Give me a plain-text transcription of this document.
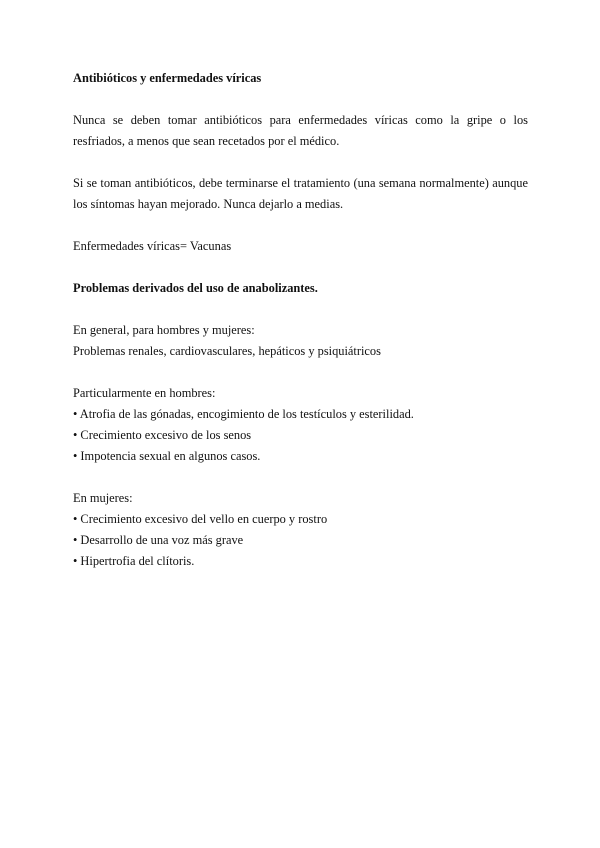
Antibióticos y enfermedades víricas

Nunca se deben tomar antibióticos para enfermedades víricas como la gripe o los resfriados, a menos que sean recetados por el médico.

Si se toman antibióticos, debe terminarse el tratamiento (una semana normalmente) aunque los síntomas hayan mejorado. Nunca dejarlo a medias.

Enfermedades víricas= Vacunas

Problemas derivados del uso de anabolizantes.

En general, para hombres y mujeres:

Problemas renales, cardiovasculares, hepáticos y psiquiátricos

Particularmente en hombres:

• Atrofia de las gónadas, encogimiento de los testículos y esterilidad.
• Crecimiento excesivo de los senos
• Impotencia sexual en algunos casos.

En mujeres:

• Crecimiento excesivo del vello en cuerpo y rostro
• Desarrollo de una voz más grave
• Hipertrofia del clítoris.
